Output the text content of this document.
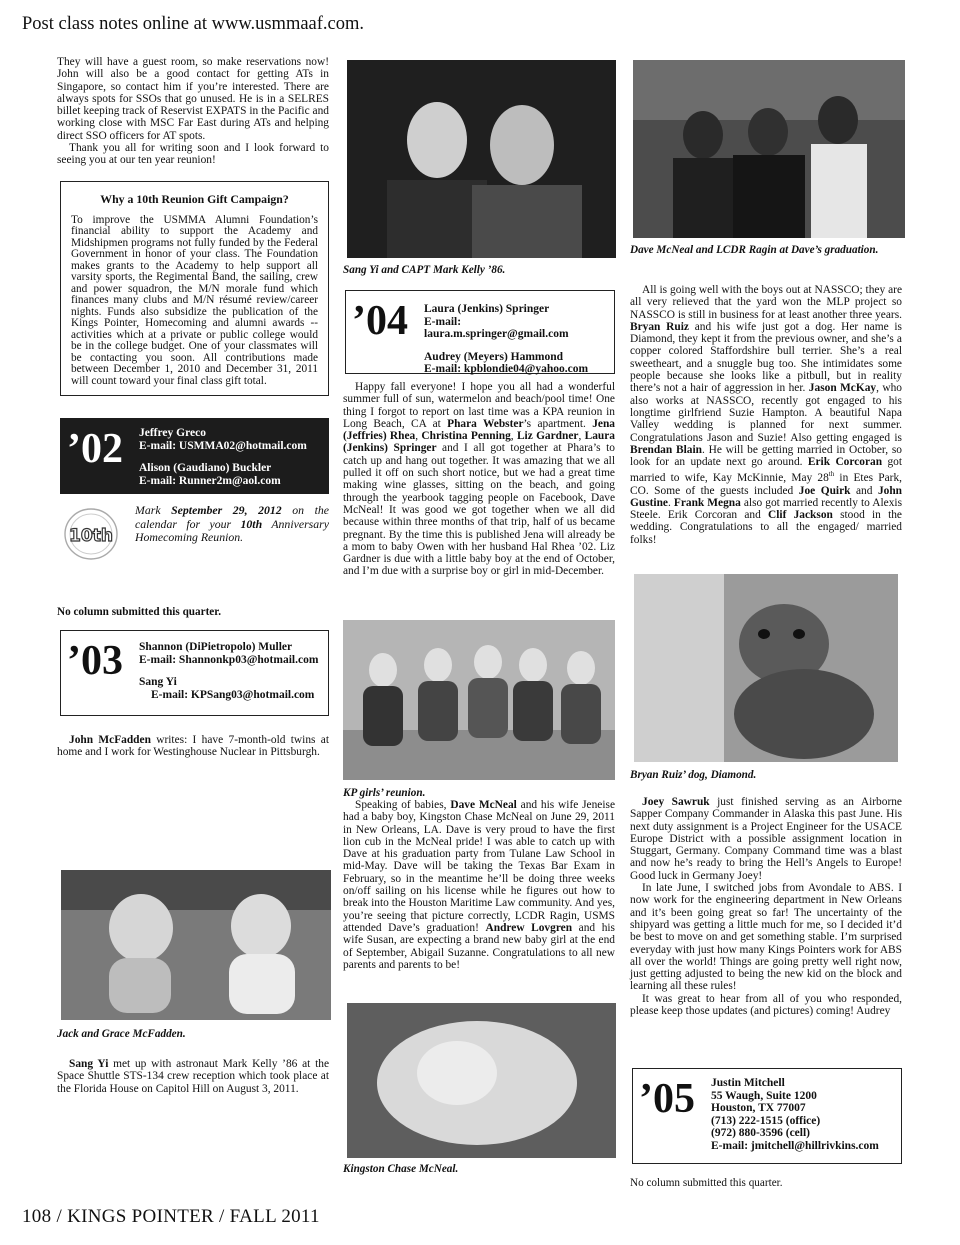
Post class notes online at www.usmmaaf.com.

They will have a guest room, so make reservations now! John will also be a good contact for getting ATs in Singapore, so contact him if you’re interested. There are always spots for SSOs that go unused. He is in a SELRES billet keeping track of Reservist EXPATS in the Pacific and working close with MSC Far East during ATs and helping direct SSO officers for AT spots.

Thank you all for writing soon and I look forward to seeing you at our ten year reunion!

Why a 10th Reunion Gift Campaign?
To improve the USMMA Alumni Foundation’s financial ability to support the Academy and Midshipmen programs not fully funded by the Federal Government in honor of your class. The Foundation makes grants to the Academy to help support all varsity sports, the Regimental Band, the sailing, crew and power squadron, the M/N morale fund which finances many clubs and M/N résumé review/career nights. Funds also subsidize the publication of the Kings Pointer, Homecoming and alumni awards -- activities which at a private or public college would be in the college budget. One of your classmates will be contacting you soon. All contributions made between December 1, 2010 and December 31, 2011 will count toward your final class gift total.
’02	Jeffrey Greco
E-mail: USMMA02@hotmail.com
Alison (Gaudiano) Buckler
E-mail: Runner2m@aol.com
10th
Mark September 29, 2012 on the calendar for your 10th Anniversary Homecoming Reunion.
No column submitted this quarter.
’03	Shannon (DiPietropolo) Muller
E-mail: Shannonkp03@hotmail.com
Sang Yi
E-mail: KPSang03@hotmail.com

John McFadden writes: I have 7-month-old twins at home and I work for Westinghouse Nuclear in Pittsburgh.

Jack and Grace McFadden.

Sang Yi met up with astronaut Mark Kelly ’86 at the Space Shuttle STS-134 crew reception which took place at the Florida House on Capitol Hill on August 3, 2011.

Sang Yi and CAPT Mark Kelly ’86.
’04	Laura (Jenkins) Springer
E-mail: laura.m.springer@gmail.com
Audrey (Meyers) Hammond
E-mail: kpblondie04@yahoo.com

Happy fall everyone! I hope you all had a wonderful summer full of sun, watermelon and beach/pool time! One thing I forgot to report on last time was a KPA reunion in Long Beach, CA at Phara Webster’s apartment. Jena (Jeffries) Rhea, Christina Penning, Liz Gardner, Laura (Jenkins) Springer and I all got together at Phara’s to catch up and hang out together. It was amazing that we all pulled it off on such short notice, but we had a great time making wine glasses, sitting on the beach, and going through the yearbook tagging people on Facebook, Dave McNeal! It was good we got together when we all did because within three months of that trip, half of us became pregnant. By the time this is published Jena will already be a mom to baby Owen with her husband Hal Rhea ’02. Liz Gardner is due with a little baby boy at the end of October, and I’m due with a surprise boy or girl in mid-December.

KP girls’ reunion.

Speaking of babies, Dave McNeal and his wife Jeneise had a baby boy, Kingston Chase McNeal on June 29, 2011 in New Orleans, LA. Dave is very proud to have the first lion cub in the McNeal pride! I was able to catch up with Dave at his graduation party from Tulane Law School in mid-May. Dave will be taking the Texas Bar Exam in February, so in the meantime he’ll be doing three weeks on/off sailing on his license while he figures out how to break into the Houston Maritime Law community. And yes, you’re seeing that picture correctly, LCDR Ragin, USMS attended Dave’s graduation! Andrew Lovgren and his wife Susan, are expecting a brand new baby girl at the end of September, Abigail Suzanne. Congratulations to all new parents and parents to be!

Kingston Chase McNeal.
Dave McNeal and LCDR Ragin at Dave’s graduation.

All is going well with the boys out at NASSCO; they are all very relieved that the yard won the MLP project so NASSCO is still in business for at least another three years. Bryan Ruiz and his wife just got a dog. Her name is Diamond, they kept it from the previous owner, and she’s a copper colored Staffordshire bull terrier. She’s a real sweetheart, and a snuggle bug too. She intimidates some people because she looks like a pitbull, but in reality there’s not a hair of aggression in her. Jason McKay, who also works at NASSCO, recently got engaged to his longtime girlfriend Suzie Hampton. A beautiful Napa Valley wedding is planned for next summer. Congratulations Jason and Suzie! Also getting engaged is Brendan Blain. He will be getting married in October, so look for an update next go around. Erik Corcoran got married to wife, Kay McKinnie, May 28th in Etes Park, CO. Some of the guests included Joe Quirk and John Gustine. Frank Megna also got married recently to Alexis Steele. Erik Corcoran and Clif Jackson stood in the wedding. Congratulations to all the engaged/ married folks!

Bryan Ruiz’ dog, Diamond.

Joey Sawruk just finished serving as an Airborne Sapper Company Commander in Alaska this past June. His next duty assignment is a Project Engineer for the USACE Europe District with a possible assignment location in Stuggart, Germany. Company Command time was a blast and now he’s ready to bring the Hell’s Angels to Europe! Good luck in Germany Joey!

In late June, I switched jobs from Avondale to ABS. I now work for the engineering department in New Orleans and it’s been going great so far! The uncertainty of the shipyard was getting a little much for me, so I decided it’d be best to move on and get something stable. I’m surprised everyday with just how many Kings Pointers work for ABS all over the world! Things are going pretty well right now, just getting adjusted to being the new kid on the block and learning all these rules!

It was great to hear from all of you who responded, please keep those updates (and pictures) coming! Audrey

’05	Justin Mitchell
55 Waugh, Suite 1200
Houston, TX 77007
(713) 222-1515 (office)
(972) 880-3596 (cell)
E-mail: jmitchell@hillrivkins.com
No column submitted this quarter.
108 / KINGS POINTER / FALL 2011
